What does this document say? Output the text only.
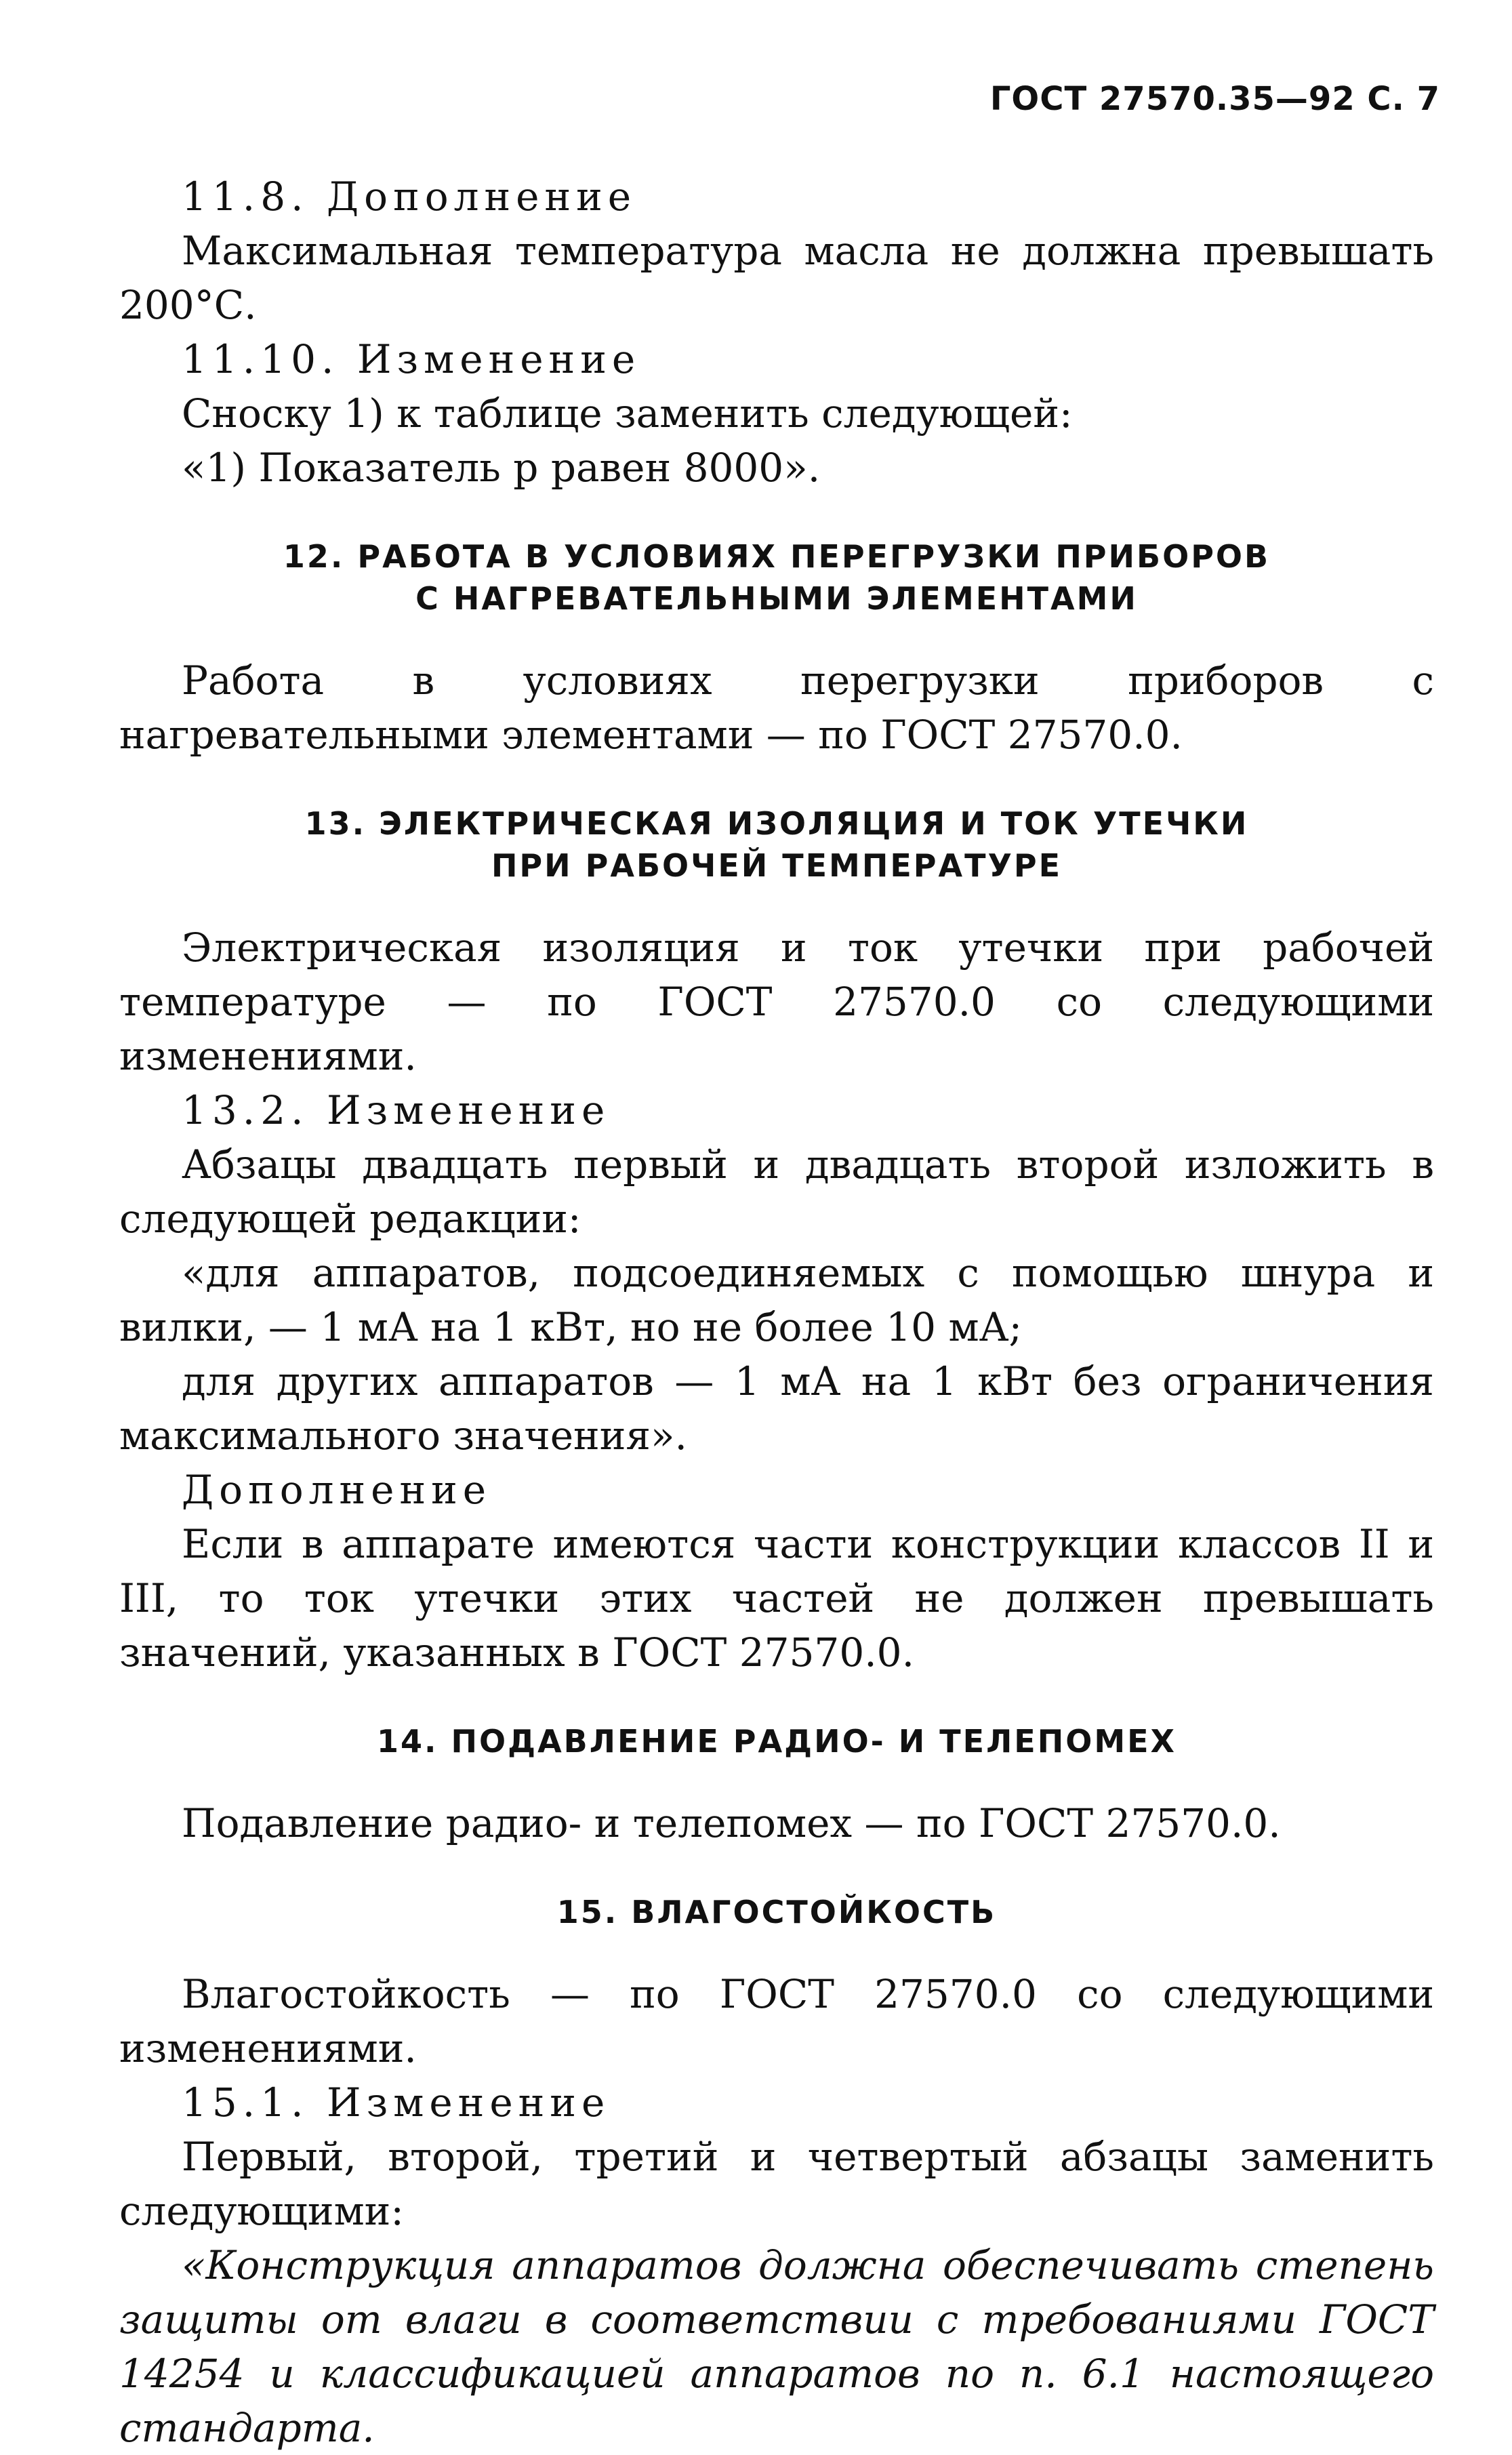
ГОСТ 27570.35—92 С. 7

11.8. Дополнение

Максимальная температура масла не должна превышать 200°С.

11.10. Изменение

Сноску 1) к таблице заменить следующей:

«1) Показатель p равен 8000».

12. РАБОТА В УСЛОВИЯХ ПЕРЕГРУЗКИ ПРИБОРОВ
С НАГРЕВАТЕЛЬНЫМИ ЭЛЕМЕНТАМИ

Работа в условиях перегрузки приборов с нагревательными элементами — по ГОСТ 27570.0.

13. ЭЛЕКТРИЧЕСКАЯ ИЗОЛЯЦИЯ И ТОК УТЕЧКИ
ПРИ РАБОЧЕЙ ТЕМПЕРАТУРЕ

Электрическая изоляция и ток утечки при рабочей температуре — по ГОСТ 27570.0 со следующими изменениями.

13.2. Изменение

Абзацы двадцать первый и двадцать второй изложить в следующей редакции:

«для аппаратов, подсоединяемых с помощью шнура и вилки, — 1 мА на 1 кВт, но не более 10 мА;

для других аппаратов — 1 мА на 1 кВт без ограничения максимального значения».

Дополнение

Если в аппарате имеются части конструкции классов II и III, то ток утечки этих частей не должен превышать значений, указанных в ГОСТ 27570.0.

14. ПОДАВЛЕНИЕ РАДИО- И ТЕЛЕПОМЕХ

Подавление радио- и телепомех — по ГОСТ 27570.0.

15. ВЛАГОСТОЙКОСТЬ

Влагостойкость — по ГОСТ 27570.0 со следующими изменениями.

15.1. Изменение

Первый, второй, третий и четвертый абзацы заменить следующими:

«Конструкция аппаратов должна обеспечивать степень защиты от влаги в соответствии с требованиями ГОСТ 14254 и классификацией аппаратов по п. 6.1 настоящего стандарта.
